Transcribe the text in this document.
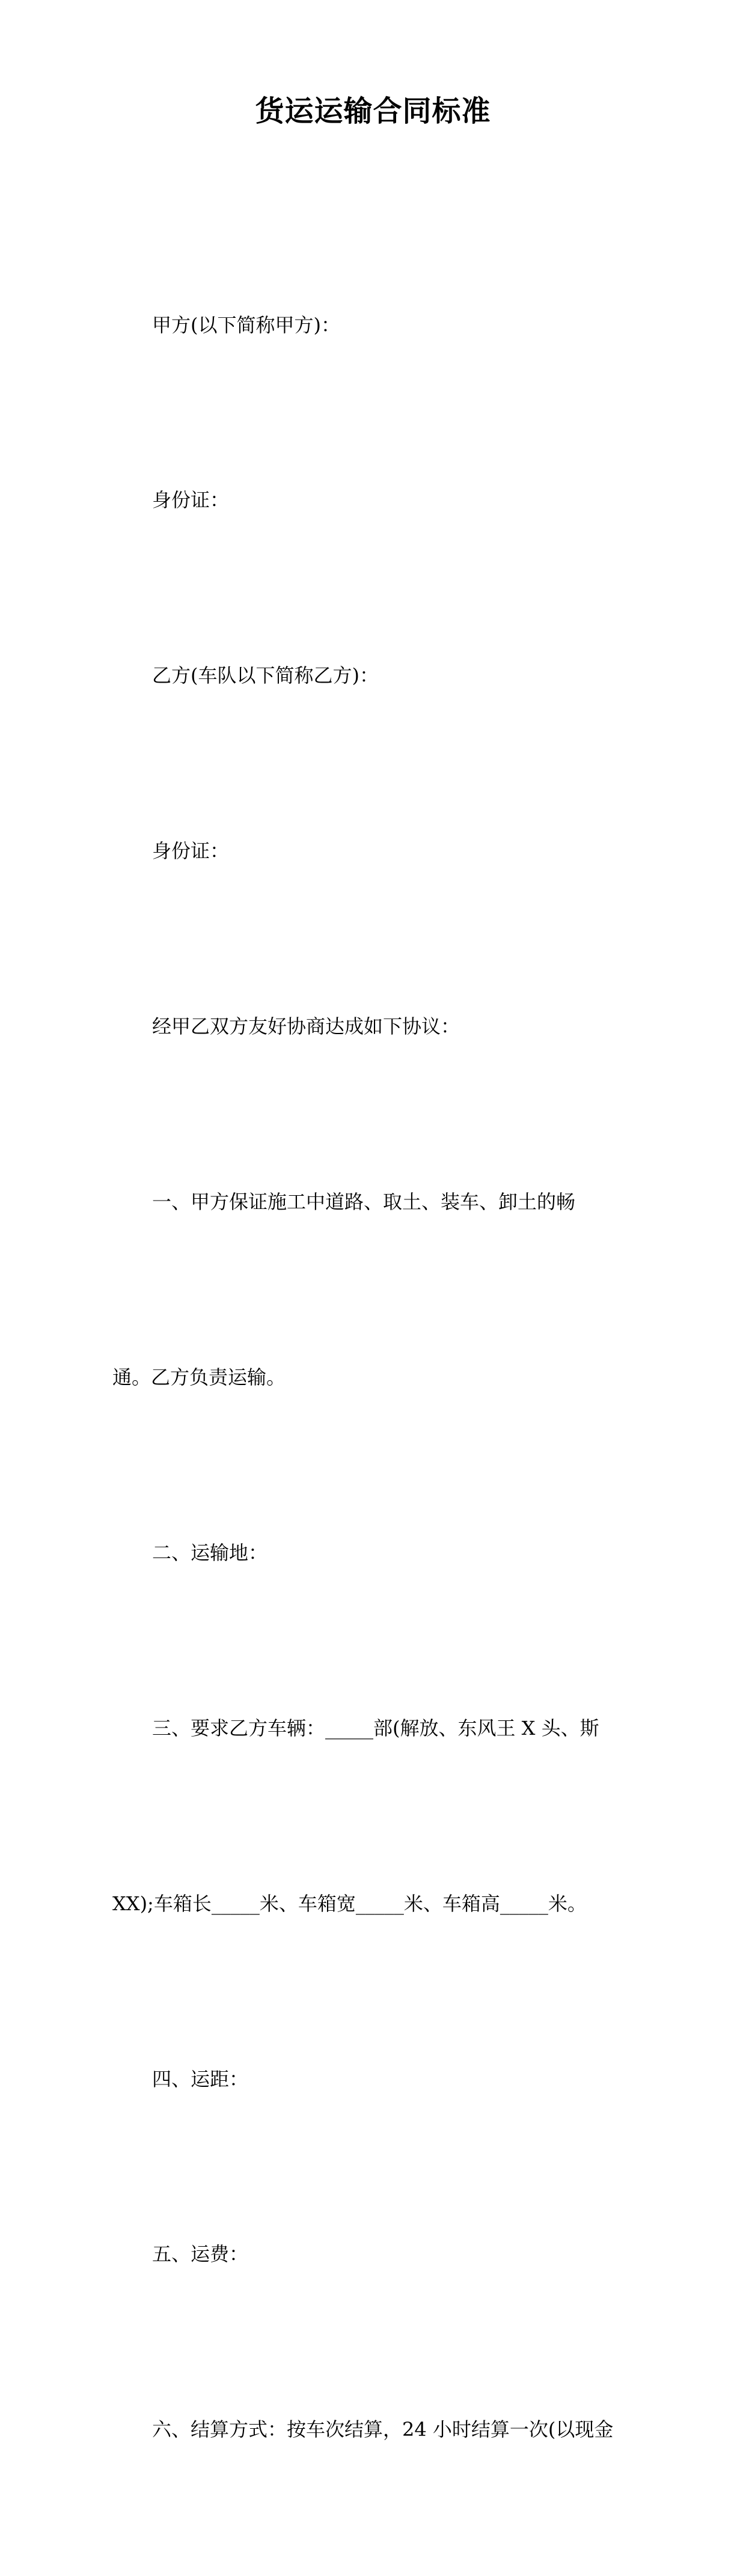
货运运输合同标准

甲方(以下简称甲方)：

身份证：

乙方(车队以下简称乙方)：

身份证：

经甲乙双方友好协商达成如下协议：

一、甲方保证施工中道路、取土、装车、卸土的畅

通。乙方负责运输。

二、运输地：

三、要求乙方车辆：_____部(解放、东风王 X 头、斯

XX);车箱长_____米、车箱宽_____米、车箱高_____米。

四、运距：

五、运费：

六、结算方式：按车次结算，24 小时结算一次(以现金
